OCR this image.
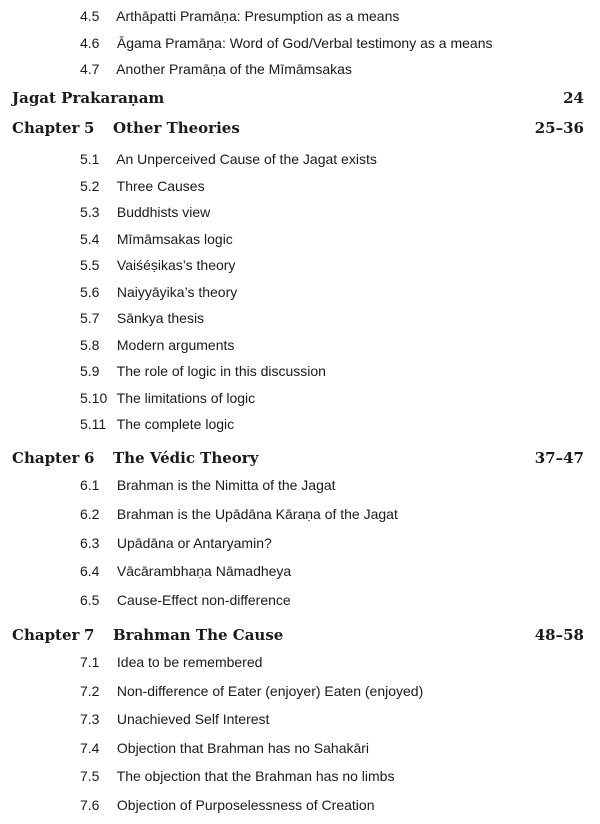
4.5 Arthāpatti Pramāṇa: Presumption as a means
4.6 Āgama Pramāṇa: Word of God/Verbal testimony as a means
4.7 Another Pramāṇa of the Mīmāmsakas
Jagat Prakaraṇam	24
Chapter 5 Other Theories	25–36
5.1 An Unperceived Cause of the Jagat exists
5.2 Three Causes
5.3 Buddhists view
5.4 Mīmāmsakas logic
5.5 Vaiśéṣikas’s theory
5.6 Naiyyāyika’s theory
5.7 Sānkya thesis
5.8 Modern arguments
5.9 The role of logic in this discussion
5.10 The limitations of logic
5.11 The complete logic
Chapter 6 The Védic Theory	37–47
6.1 Brahman is the Nimitta of the Jagat
6.2 Brahman is the Upādāna Kāraṇa of the Jagat
6.3 Upādāna or Antaryamin?
6.4 Vācārambhaṇa Nāmadheya
6.5 Cause-Effect non-difference
Chapter 7 Brahman The Cause	48–58
7.1 Idea to be remembered
7.2 Non-difference of Eater (enjoyer) Eaten (enjoyed)
7.3 Unachieved Self Interest
7.4 Objection that Brahman has no Sahakāri
7.5 The objection that the Brahman has no limbs
7.6 Objection of Purposelessness of Creation
